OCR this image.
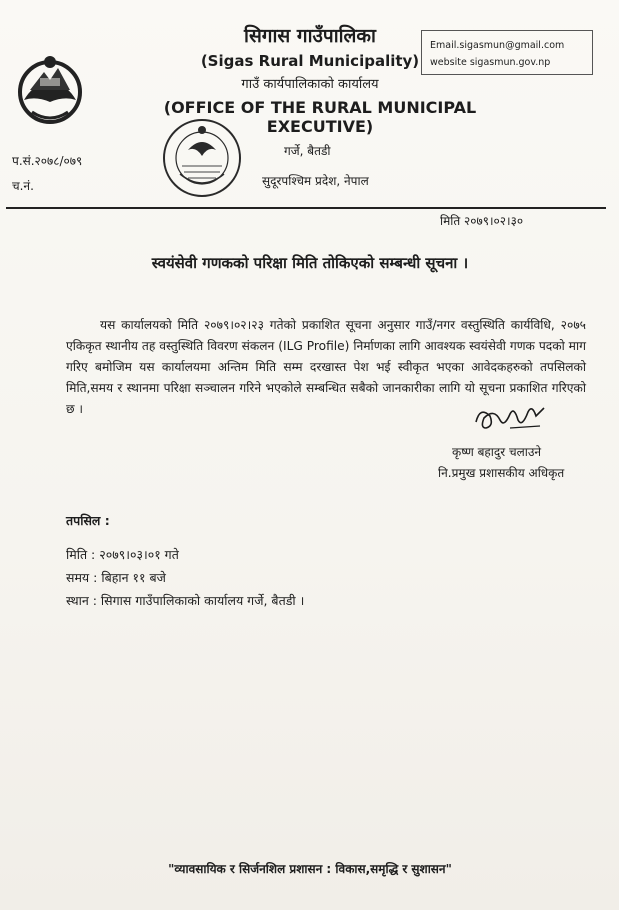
सिगास गाउँपालिका
(Sigas Rural Municipality)
गाउँ कार्यपालिकाको कार्यालय
(OFFICE OF THE RURAL MUNICIPAL EXECUTIVE)
Email.sigasmun@gmail.com
website sigasmun.gov.np
प.सं.२०७८/०७९
च.नं.
गर्जे, बैतडी
सुदूरपश्चिम प्रदेश, नेपाल
मिति २०७९।०२।३०
स्वयंसेवी गणकको परिक्षा मिति तोकिएको सम्बन्धी सूचना ।
यस कार्यालयको मिति २०७९।०२।२३ गतेको प्रकाशित सूचना अनुसार गाउँ/नगर वस्तुस्थिति कार्यविधि, २०७५ एकिकृत स्थानीय तह वस्तुस्थिति विवरण संकलन (ILG Profile) निर्माणका लागि आवश्यक स्वयंसेवी गणक पदको माग गरिए बमोजिम यस कार्यालयमा अन्तिम मिति सम्म दरखास्त पेश भई स्वीकृत भएका आवेदकहरुको तपसिलको मिति,समय र स्थानमा परिक्षा सञ्चालन गरिने भएकोले सम्बन्धित सबैको जानकारीका लागि यो सूचना प्रकाशित गरिएको छ ।
कृष्ण बहादुर चलाउने
नि.प्रमुख प्रशासकीय अधिकृत
तपसिल :
मिति : २०७९।०३।०१ गते
समय : बिहान ११ बजे
स्थान : सिगास गाउँपालिकाको कार्यालय गर्जे, बैतडी ।
"व्यावसायिक र सिर्जनशिल प्रशासन : विकास,समृद्धि र सुशासन"
